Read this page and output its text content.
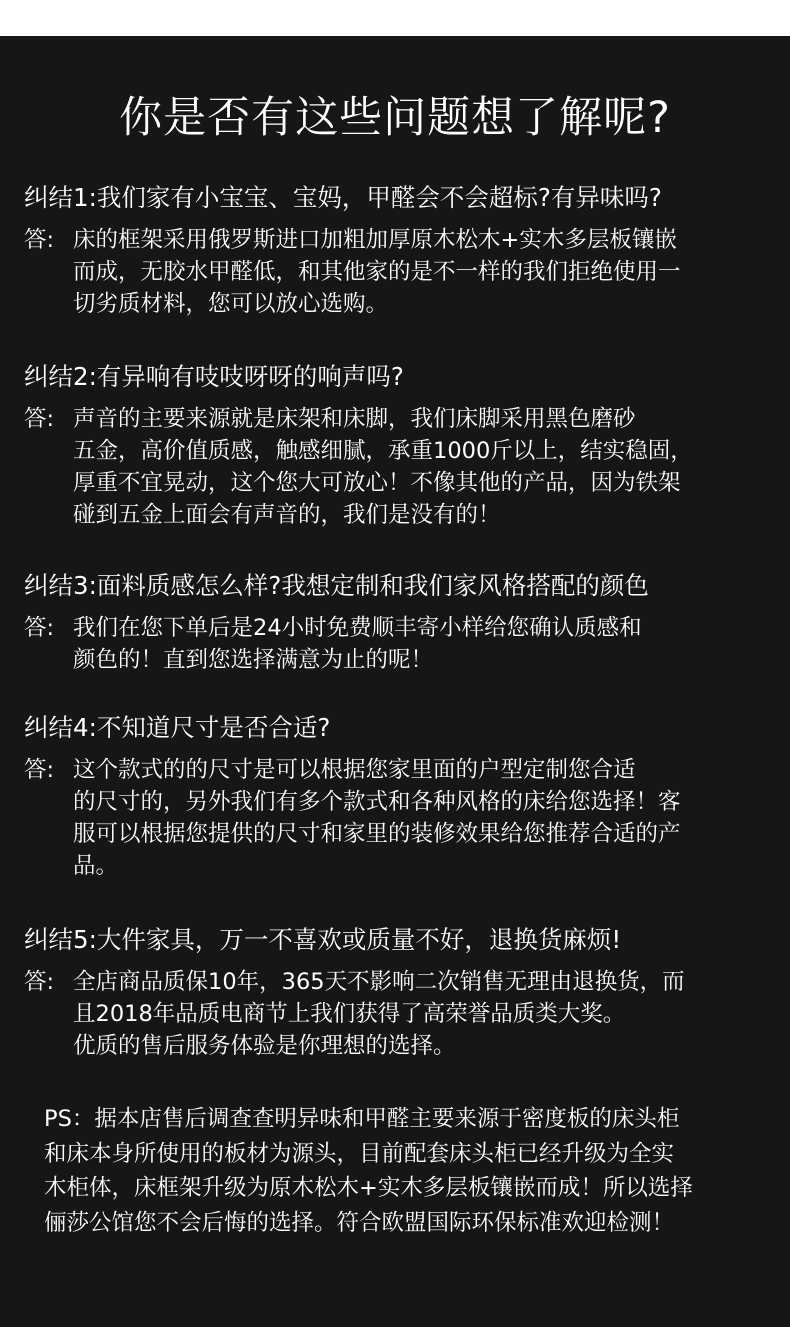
你是否有这些问题想了解呢?
纠结1:我们家有小宝宝、宝妈，甲醛会不会超标?有异味吗?
答: 床的框架采用俄罗斯进口加粗加厚原木松木+实木多层板镶嵌
而成，无胶水甲醛低，和其他家的是不一样的我们拒绝使用一
切劣质材料，您可以放心选购。
纠结2:有异响有吱吱呀呀的响声吗?
答: 声音的主要来源就是床架和床脚，我们床脚采用黑色磨砂
五金，高价值质感，触感细腻，承重1000斤以上，结实稳固，
厚重不宜晃动，这个您大可放心！不像其他的产品，因为铁架
碰到五金上面会有声音的，我们是没有的！
纠结3:面料质感怎么样?我想定制和我们家风格搭配的颜色
答: 我们在您下单后是24小时免费顺丰寄小样给您确认质感和
颜色的！直到您选择满意为止的呢！
纠结4:不知道尺寸是否合适?
答: 这个款式的的尺寸是可以根据您家里面的户型定制您合适
的尺寸的，另外我们有多个款式和各种风格的床给您选择！客
服可以根据您提供的尺寸和家里的装修效果给您推荐合适的产
品。
纠结5:大件家具，万一不喜欢或质量不好，退换货麻烦!
答: 全店商品质保10年，365天不影响二次销售无理由退换货，而
且2018年品质电商节上我们获得了高荣誉品质类大奖。
优质的售后服务体验是你理想的选择。
PS：据本店售后调查查明异味和甲醛主要来源于密度板的床头柜
和床本身所使用的板材为源头，目前配套床头柜已经升级为全实
木柜体，床框架升级为原木松木+实木多层板镶嵌而成！所以选择
俪莎公馆您不会后悔的选择。符合欧盟国际环保标准欢迎检测！
